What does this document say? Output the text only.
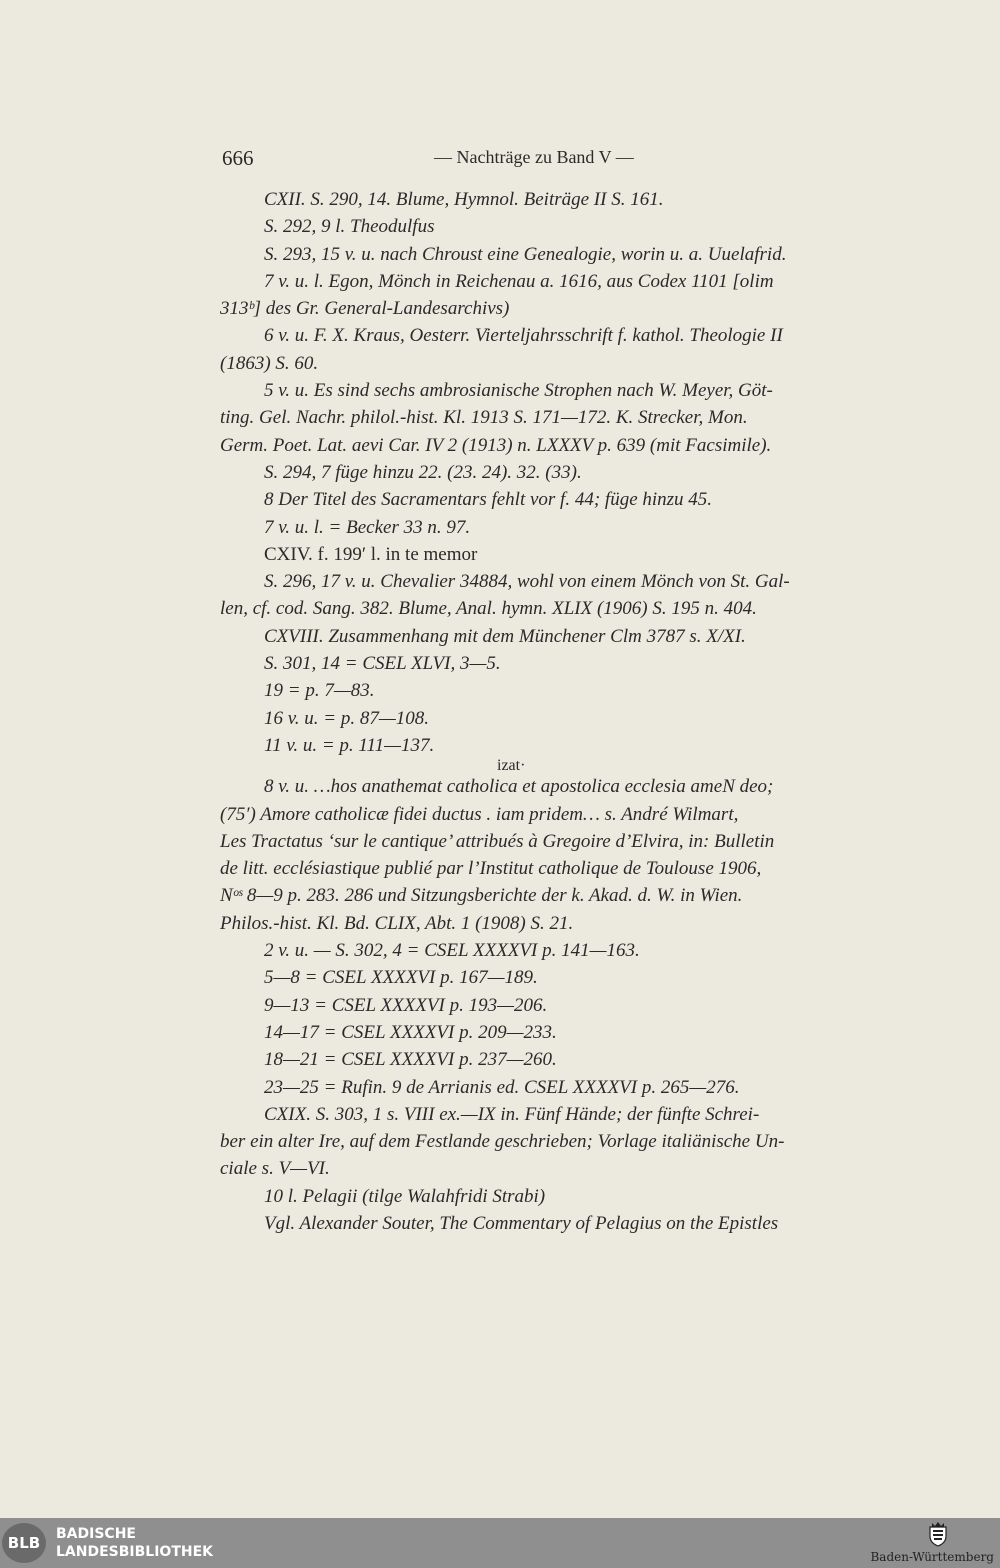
666	— Nachträge zu Band V —
CXII. S. 290, 14. Blume, Hymnol. Beiträge II S. 161.
S. 292, 9 l. Theodulfus
S. 293, 15 v. u. nach Chroust eine Genealogie, worin u. a. Uuelafrid.
7 v. u. l. Egon, Mönch in Reichenau a. 1616, aus Codex 1101 [olim
313ᵇ] des Gr. General-Landesarchivs)
6 v. u. F. X. Kraus, Oesterr. Vierteljahrsschrift f. kathol. Theologie II
(1863) S. 60.
5 v. u. Es sind sechs ambrosianische Strophen nach W. Meyer, Göt-
ting. Gel. Nachr. philol.-hist. Kl. 1913 S. 171—172. K. Strecker, Mon.
Germ. Poet. Lat. aevi Car. IV 2 (1913) n. LXXXV p. 639 (mit Facsimile).
S. 294, 7 füge hinzu 22. (23. 24). 32. (33).
8 Der Titel des Sacramentars fehlt vor f. 44; füge hinzu 45.
7 v. u. l. = Becker 33 n. 97.
CXIV. f. 199′ l. in te memor
S. 296, 17 v. u. Chevalier 34884, wohl von einem Mönch von St. Gal-
len, cf. cod. Sang. 382. Blume, Anal. hymn. XLIX (1906) S. 195 n. 404.
CXVIII. Zusammenhang mit dem Münchener Clm 3787 s. X/XI.
S. 301, 14 = CSEL XLVI, 3—5.
19 = p. 7—83.
16 v. u. = p. 87—108.
11 v. u. = p. 111—137.
izat·
8 v. u. …hos anathemat catholica et apostolica ecclesia ameN deo;
(75′) Amore catholicæ fidei ductus . iam pridem… s. André Wilmart,
Les Tractatus ‘sur le cantique’ attribués à Gregoire d’Elvira, in: Bulletin
de litt. ecclésiastique publié par l’Institut catholique de Toulouse 1906,
Nᵒˢ 8—9 p. 283. 286 und Sitzungsberichte der k. Akad. d. W. in Wien.
Philos.-hist. Kl. Bd. CLIX, Abt. 1 (1908) S. 21.
2 v. u. — S. 302, 4 = CSEL XXXXVI p. 141—163.
5—8 = CSEL XXXXVI p. 167—189.
9—13 = CSEL XXXXVI p. 193—206.
14—17 = CSEL XXXXVI p. 209—233.
18—21 = CSEL XXXXVI p. 237—260.
23—25 = Rufin. 9 de Arrianis ed. CSEL XXXXVI p. 265—276.
CXIX. S. 303, 1 s. VIII ex.—IX in. Fünf Hände; der fünfte Schrei-
ber ein alter Ire, auf dem Festlande geschrieben; Vorlage italiänische Un-
ciale s. V—VI.
10 l. Pelagii (tilge Walahfridi Strabi)
Vgl. Alexander Souter, The Commentary of Pelagius on the Epistles
BLB BADISCHE
LANDESBIBLIOTHEK	Baden-Württemberg
